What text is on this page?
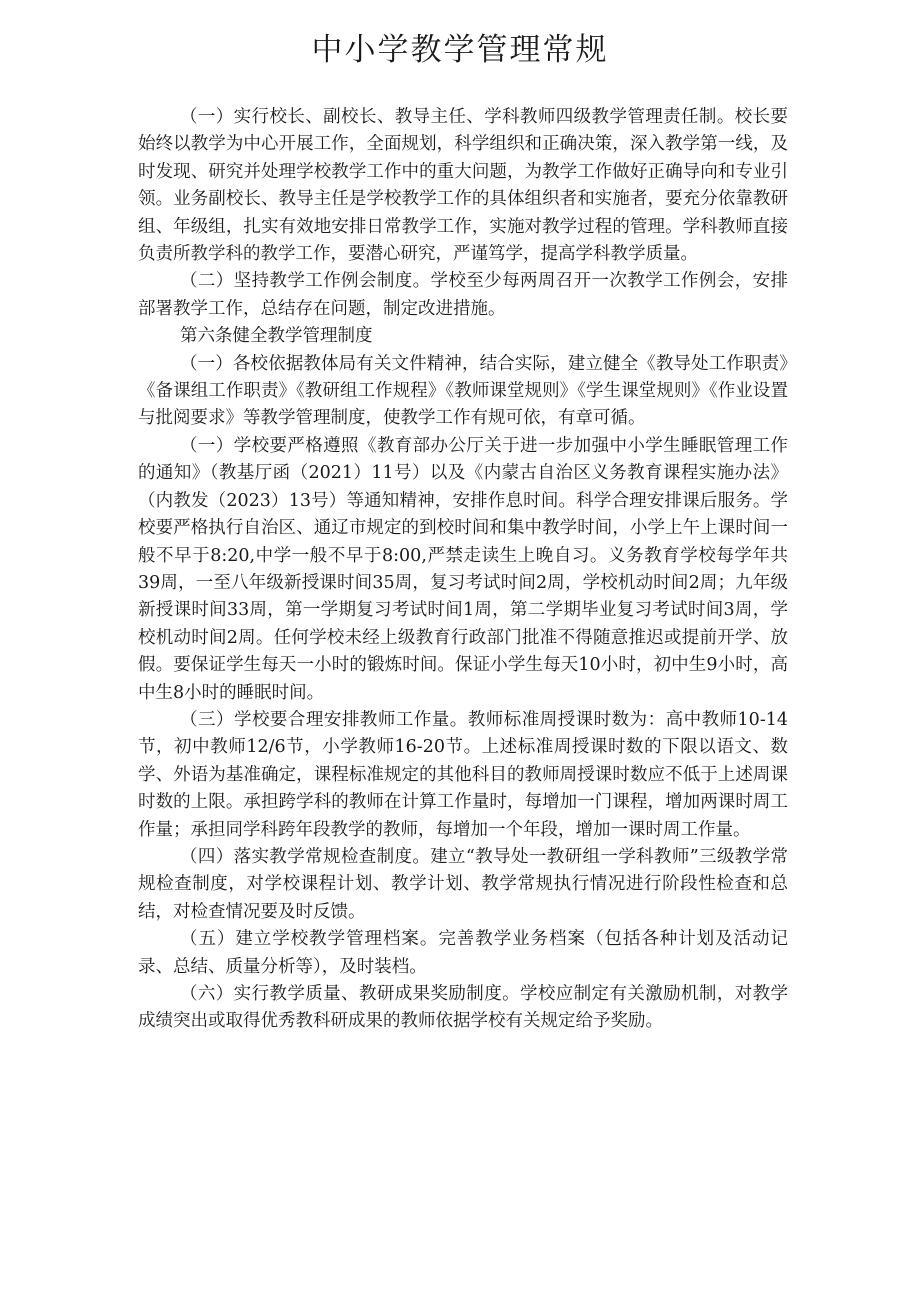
中小学教学管理常规

（一）实行校长、副校长、教导主任、学科教师四级教学管理责任制。校长要始终以教学为中心开展工作，全面规划，科学组织和正确决策，深入教学第一线，及时发现、研究并处理学校教学工作中的重大问题，为教学工作做好正确导向和专业引领。业务副校长、教导主任是学校教学工作的具体组织者和实施者，要充分依靠教研组、年级组，扎实有效地安排日常教学工作，实施对教学过程的管理。学科教师直接负责所教学科的教学工作，要潜心研究，严谨笃学，提高学科教学质量。

（二）坚持教学工作例会制度。学校至少每两周召开一次教学工作例会，安排部署教学工作，总结存在问题，制定改进措施。

第六条健全教学管理制度

（一）各校依据教体局有关文件精神，结合实际，建立健全《教导处工作职责》《备课组工作职责》《教研组工作规程》《教师课堂规则》《学生课堂规则》《作业设置与批阅要求》等教学管理制度，使教学工作有规可依，有章可循。

（一）学校要严格遵照《教育部办公厅关于进一步加强中小学生睡眠管理工作的通知》（教基厅函（2021）11号）以及《内蒙古自治区义务教育课程实施办法》（内教发（2023）13号）等通知精神，安排作息时间。科学合理安排课后服务。学校要严格执行自治区、通辽市规定的到校时间和集中教学时间，小学上午上课时间一般不早于8:20,中学一般不早于8:00,严禁走读生上晚自习。义务教育学校每学年共39周，一至八年级新授课时间35周，复习考试时间2周，学校机动时间2周；九年级新授课时间33周，第一学期复习考试时间1周，第二学期毕业复习考试时间3周，学校机动时间2周。任何学校未经上级教育行政部门批准不得随意推迟或提前开学、放假。要保证学生每天一小时的锻炼时间。保证小学生每天10小时，初中生9小时，高中生8小时的睡眠时间。

（三）学校要合理安排教师工作量。教师标准周授课时数为：高中教师10-14节，初中教师12/6节，小学教师16-20节。上述标准周授课时数的下限以语文、数学、外语为基准确定，课程标准规定的其他科目的教师周授课时数应不低于上述周课时数的上限。承担跨学科的教师在计算工作量时，每增加一门课程，增加两课时周工作量；承担同学科跨年段教学的教师，每增加一个年段，增加一课时周工作量。

（四）落实教学常规检查制度。建立“教导处一教研组一学科教师”三级教学常规检查制度，对学校课程计划、教学计划、教学常规执行情况进行阶段性检查和总结，对检查情况要及时反馈。

（五）建立学校教学管理档案。完善教学业务档案（包括各种计划及活动记录、总结、质量分析等），及时装档。

（六）实行教学质量、教研成果奖励制度。学校应制定有关激励机制，对教学成绩突出或取得优秀教科研成果的教师依据学校有关规定给予奖励。
